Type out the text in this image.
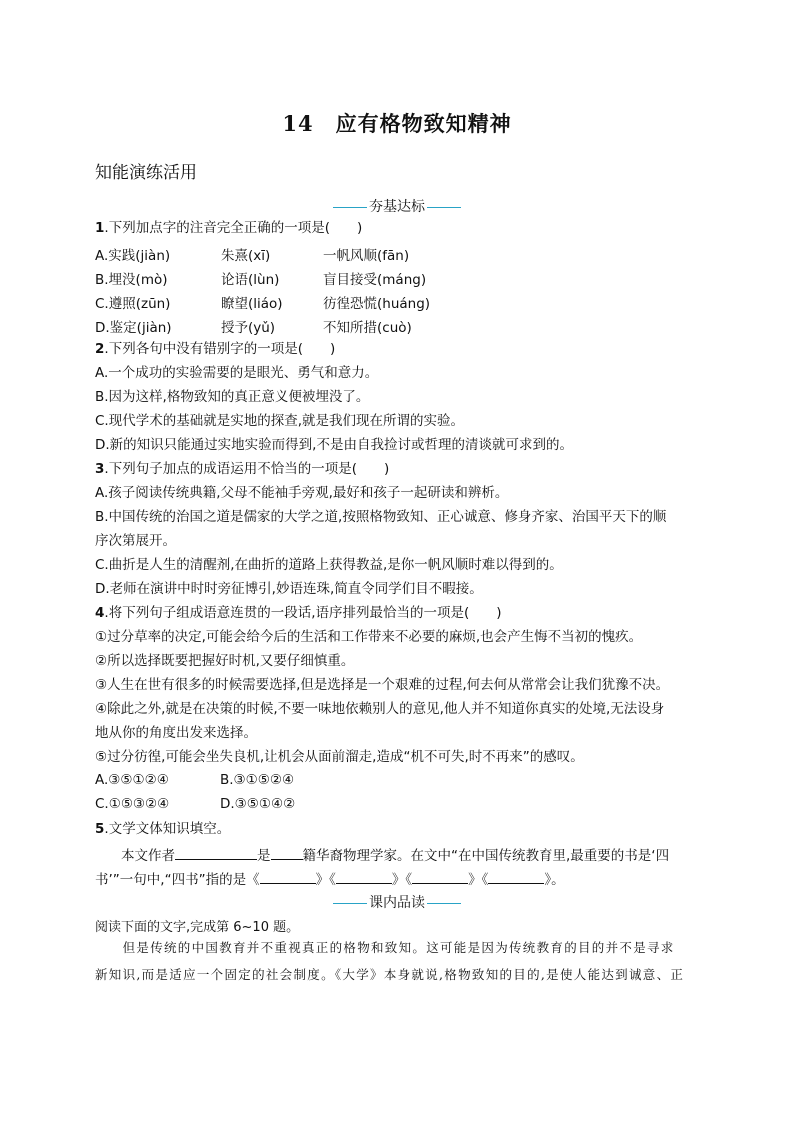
14　应有格物致知精神
知能演练活用
夯基达标
1.下列加点字的注音完全正确的一项是(　　)
A.实践(jiàn)	朱熹(xī)	一帆风顺(fān)
B.埋没(mò)	论语(lùn)	盲目接受(máng)
C.遵照(zūn)	瞭望(liáo)	彷徨恐慌(huáng)
D.鉴定(jiàn)	授予(yǔ)	不知所措(cuò)
2.下列各句中没有错别字的一项是(　　)
A.一个成功的实验需要的是眼光、勇气和意力。
B.因为这样,格物致知的真正意义便被埋没了。
C.现代学术的基础就是实地的探查,就是我们现在所谓的实验。
D.新的知识只能通过实地实验而得到,不是由自我捡讨或哲理的清谈就可求到的。
3.下列句子加点的成语运用不恰当的一项是(　　)
A.孩子阅读传统典籍,父母不能袖手旁观,最好和孩子一起研读和辨析。
B.中国传统的治国之道是儒家的大学之道,按照格物致知、正心诚意、修身齐家、治国平天下的顺
序次第展开。
C.曲折是人生的清醒剂,在曲折的道路上获得教益,是你一帆风顺时难以得到的。
D.老师在演讲中时时旁征博引,妙语连珠,简直令同学们目不暇接。
4.将下列句子组成语意连贯的一段话,语序排列最恰当的一项是(　　)
①过分草率的决定,可能会给今后的生活和工作带来不必要的麻烦,也会产生悔不当初的愧疚。
②所以选择既要把握好时机,又要仔细慎重。
③人生在世有很多的时候需要选择,但是选择是一个艰难的过程,何去何从常常会让我们犹豫不决。
④除此之外,就是在决策的时候,不要一味地依赖别人的意见,他人并不知道你真实的处境,无法设身
地从你的角度出发来选择。
⑤过分彷徨,可能会坐失良机,让机会从面前溜走,造成“机不可失,时不再来”的感叹。
A.③⑤①②④	B.③①⑤②④
C.①⑤③②④	D.③⑤①④②
5.文学文体知识填空。
本文作者	是 籍华裔物理学家。在文中“在中国传统教育里,最重要的书是‘四
书’”一句中,“四书”指的是《	》《	》《	》《	》。
课内品读
阅读下面的文字,完成第 6~10 题。
　　但是传统的中国教育并不重视真正的格物和致知。这可能是因为传统教育的目的并不是寻求
新知识,而是适应一个固定的社会制度。《大学》本身就说,格物致知的目的,是使人能达到诚意、正
